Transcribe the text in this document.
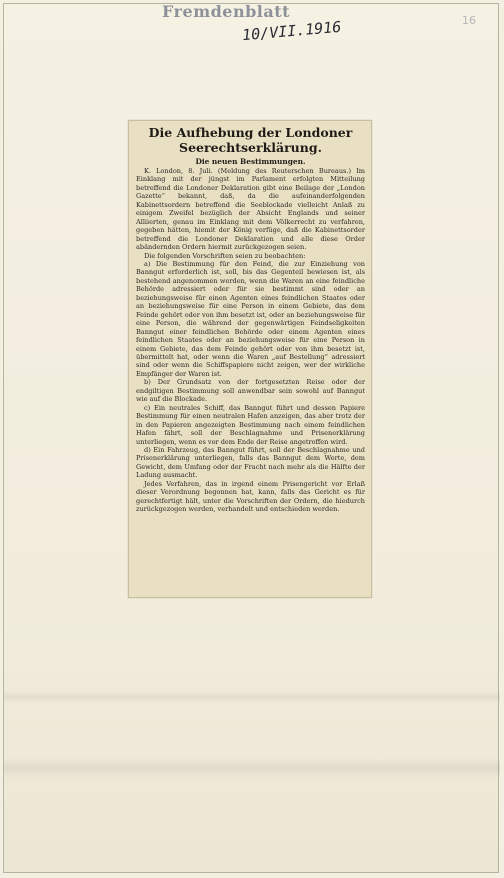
Fremdenblatt
10/VII.1916	16
Die Aufhebung der Londoner Seerechtserklärung.
Die neuen Bestimmungen.

K. London, 8. Juli. (Meldung des Reuterschen Bureaus.) Im Einklang mit der jüngst im Parlament erfolgten Mitteilung betreffend die Londoner Deklaration gibt eine Beilage der „London Gazette“ bekannt, daß, da die aufeinanderfolgenden Kabinettsordern betreffend die Seeblockade vielleicht Anlaß zu einigem Zweifel bezüglich der Absicht Englands und seiner Alliierten, genau im Einklang mit dem Völkerrecht zu verfahren, gegeben hätten, hiemit der König verfüge, daß die Kabinettsorder betreffend die Londoner Deklaration und alle diese Order abändernden Ordern hiermit zurückgezogen seien.

Die folgenden Vorschriften seien zu beobachten:

a) Die Bestimmung für den Feind, die zur Einziehung von Banngut erforderlich ist, soll, bis das Gegenteil bewiesen ist, als bestehend angenommen werden, wenn die Waren an eine feindliche Behörde adressiert oder für sie bestimmt sind oder an beziehungsweise für einen Agenten eines feindlichen Staates oder an beziehungsweise für eine Person in einem Gebiete, das dem Feinde gehört oder von ihm besetzt ist, oder an beziehungsweise für eine Person, die während der gegenwärtigen Feindseligkeiten Banngut einer feindlichen Behörde oder einem Agenten eines feindlichen Staates oder an beziehungsweise für eine Person in einem Gebiete, das dem Feinde gehört oder von ihm besetzt ist, übermittelt hat, oder wenn die Waren „auf Bestellung“ adressiert sind oder wenn die Schiffspapiere nicht zeigen, wer der wirkliche Empfänger der Waren ist.

b) Der Grundsatz von der fortgesetzten Reise oder der endgiltigen Bestimmung soll anwendbar sein sowohl auf Banngut wie auf die Blockade.

c) Ein neutrales Schiff, das Banngut führt und dessen Papiere Bestimmung für einen neutralen Hafen anzeigen, das aber trotz der in den Papieren angezeigten Bestimmung nach einem feindlichen Hafen fährt, soll der Beschlagnahme und Prisenerklärung unterliegen, wenn es vor dem Ende der Reise angetroffen wird.

d) Ein Fahrzeug, das Banngut führt, soll der Beschlagnahme und Prisenerklärung unterliegen, falls das Banngut dem Werte, dem Gewicht, dem Umfang oder der Fracht nach mehr als die Hälfte der Ladung ausmacht.

Jedes Verfahren, das in irgend einem Prisengericht vor Erlaß dieser Verordnung begonnen hat, kann, falls das Gericht es für gerechtfertigt hält, unter die Vorschriften der Ordern, die hiedurch zurückgezogen werden, verhandelt und entschieden werden.
